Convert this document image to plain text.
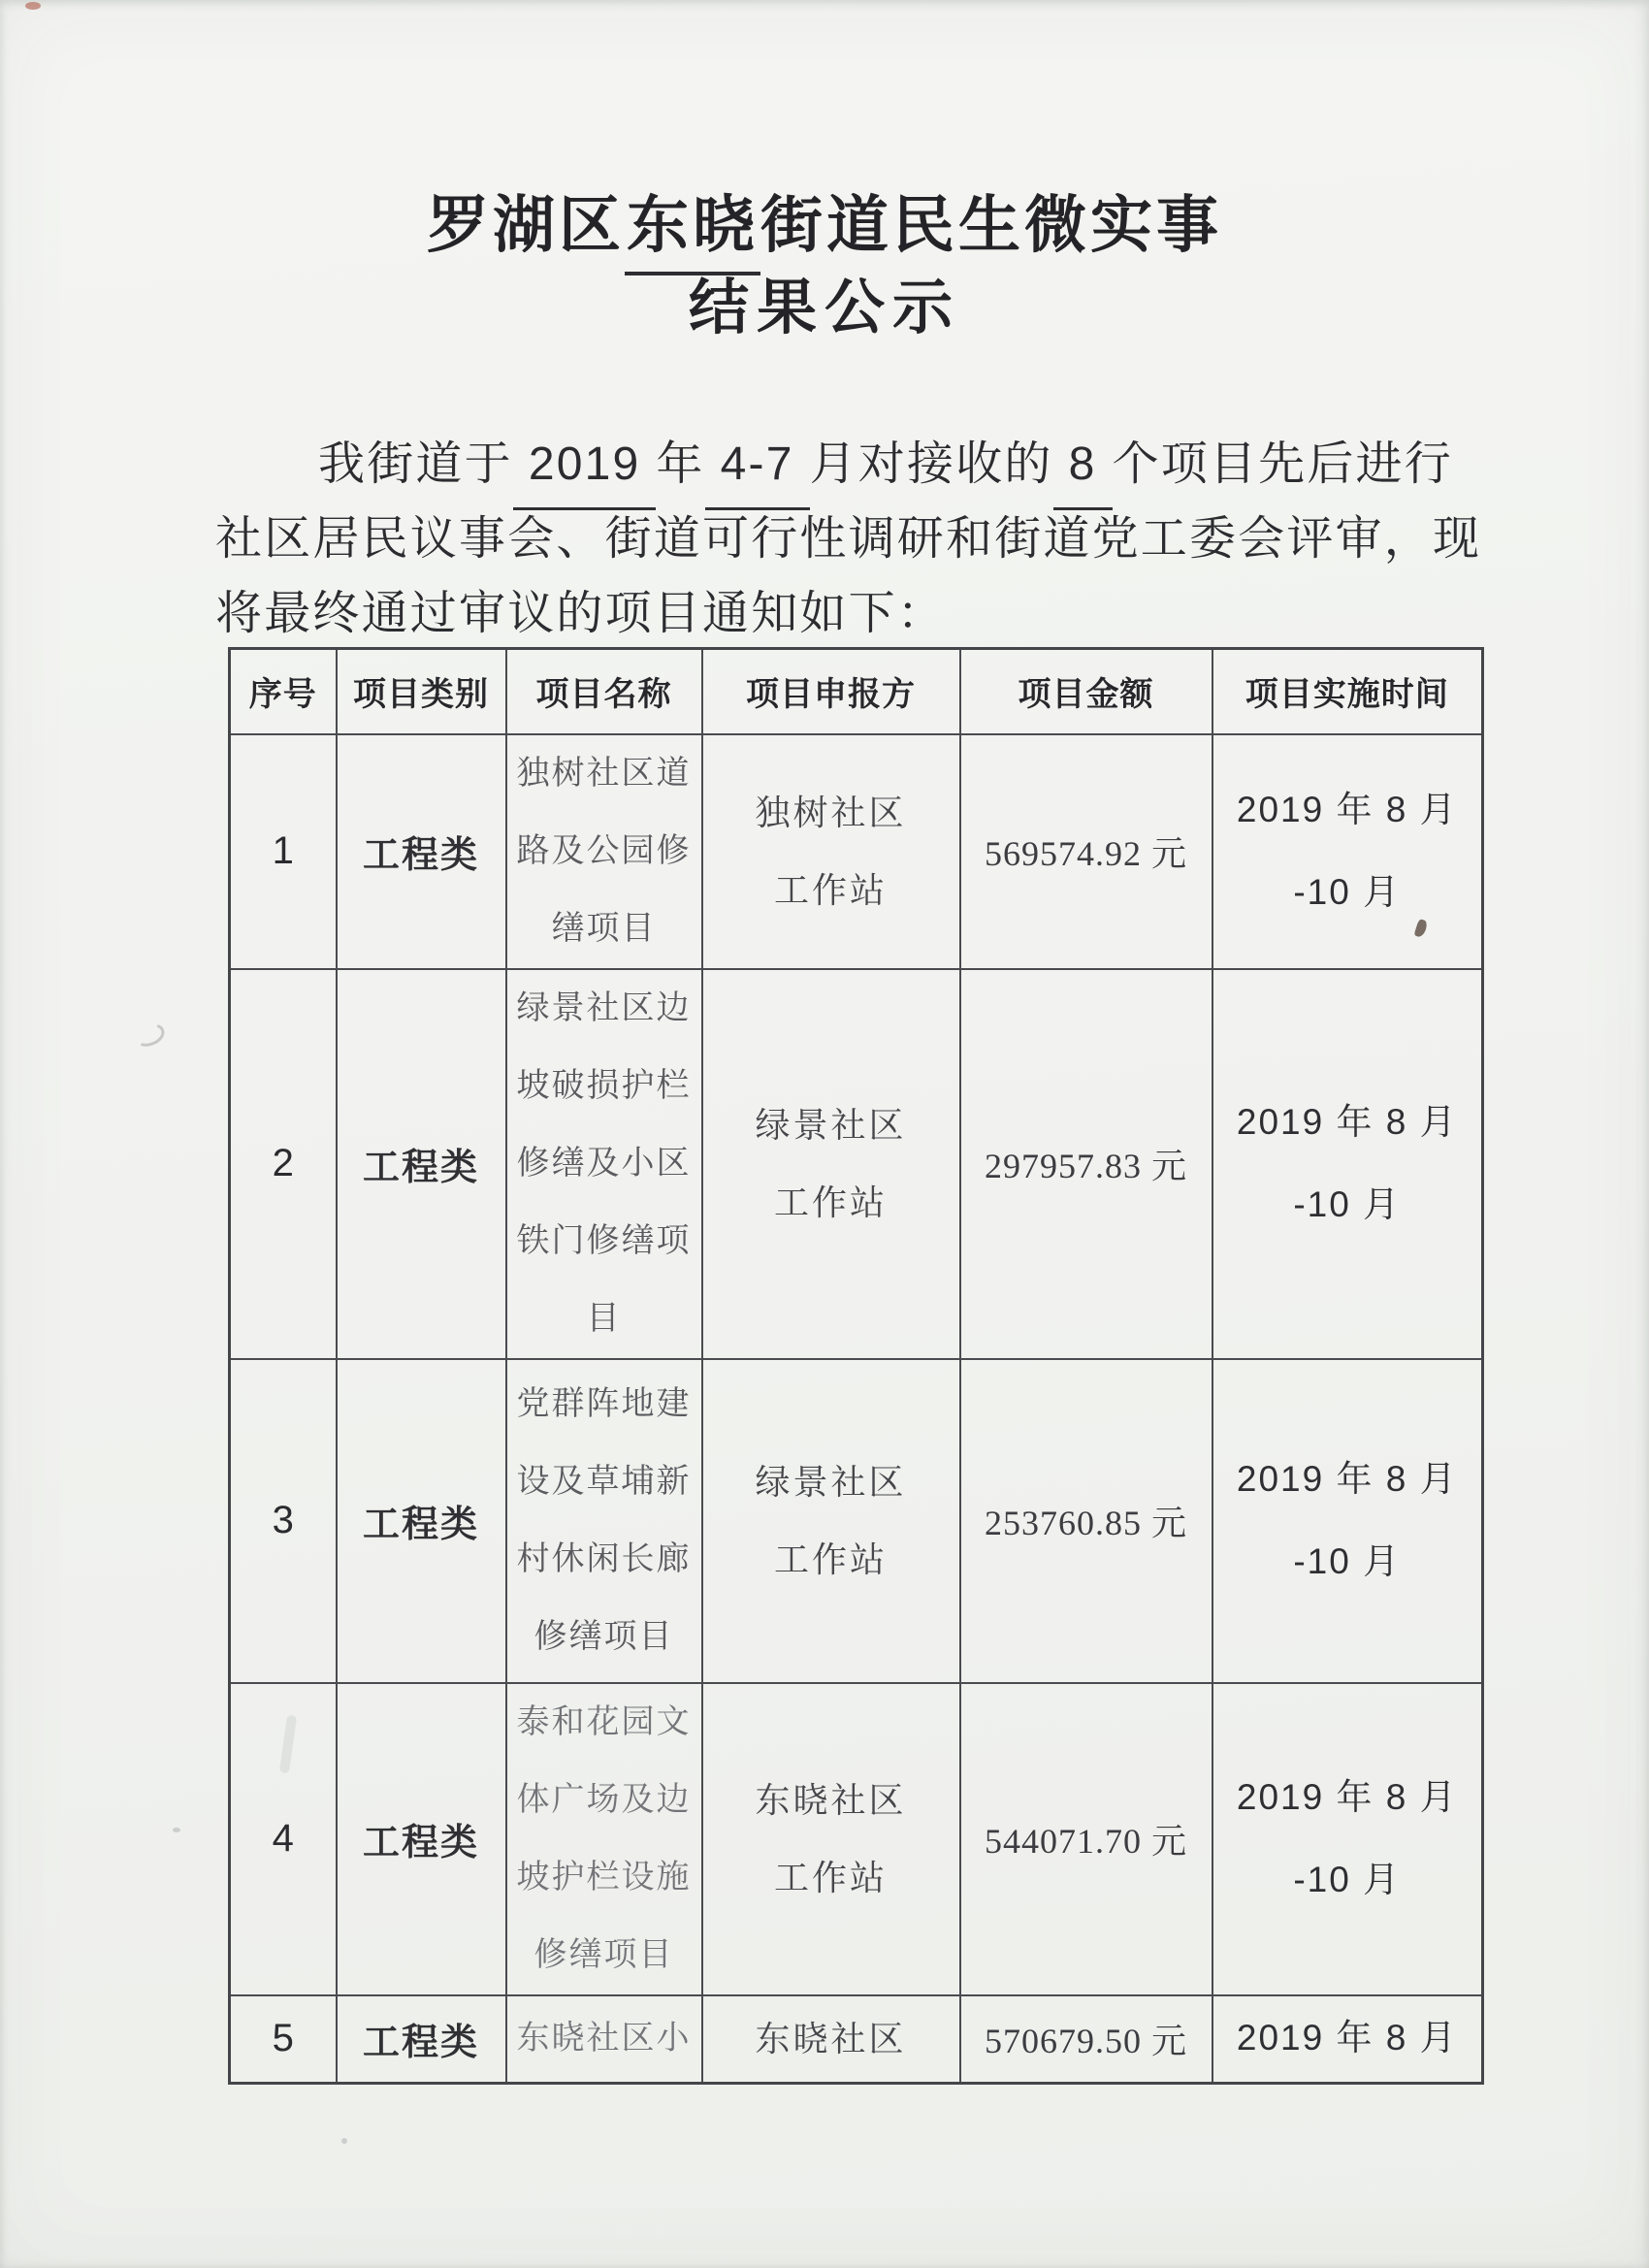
罗湖区东晓街道民生微实事
结果公示
我街道于 2019 年 4-7 月对接收的 8 个项目先后进行
社区居民议事会、街道可行性调研和街道党工委会评审，现
将最终通过审议的项目通知如下：
序号	项目类别	项目名称	项目申报方	项目金额	项目实施时间
1	工程类	独树社区道路及公园修缮项目	独树社区工作站	569574.92 元	2019 年 8 月
-10 月

2	工程类	绿景社区边坡破损护栏修缮及小区铁门修缮项目	绿景社区工作站	297957.83 元	2019 年 8 月
-10 月

3	工程类	党群阵地建设及草埔新村休闲长廊修缮项目	绿景社区工作站	253760.85 元	2019 年 8 月
-10 月

4	工程类	泰和花园文体广场及边坡护栏设施修缮项目	东晓社区工作站	544071.70 元	2019 年 8 月
-10 月

5	工程类	东晓社区小	东晓社区	570679.50 元	2019 年 8 月
